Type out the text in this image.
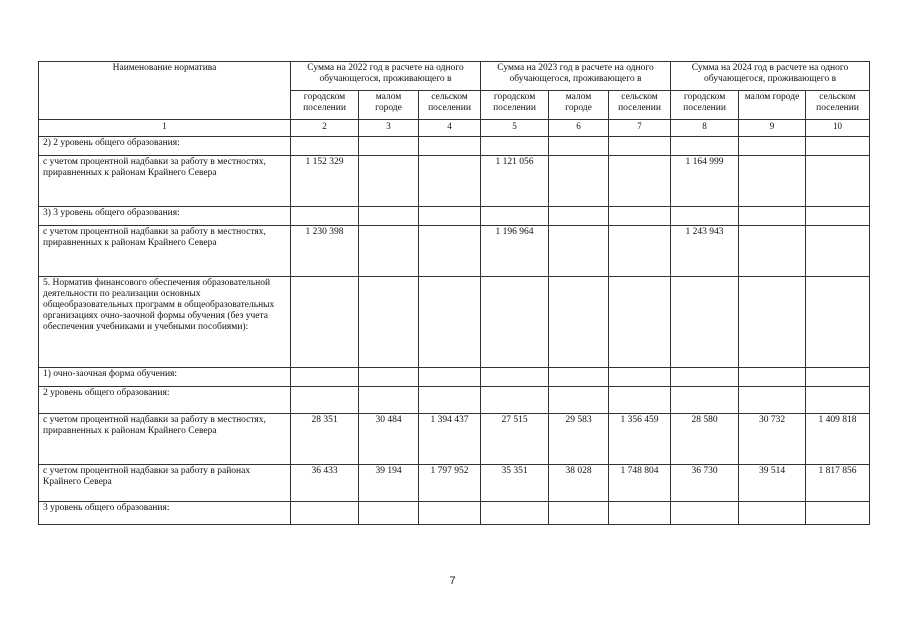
Наименование норматива	Сумма на 2022 год в расчете на одного обучающегося, проживающего в			Сумма на 2023 год в расчете на одного обучающегося, проживающего в			Сумма на 2024 год в расчете на одного обучающегося, проживающего в		
	городском поселении	малом городе	сельском поселении	городском поселении	малом городе	сельском поселении	городском поселении	малом городе	сельском поселении
1	2	3	4	5	6	7	8	9	10
2) 2 уровень общего образования:									
с учетом процентной надбавки за работу в местностях, приравненных к районам Крайнего Севера	1 152 329			1 121 056			1 164 999		
3) 3 уровень общего образования:									
с учетом процентной надбавки за работу в местностях, приравненных к районам Крайнего Севера	1 230 398			1 196 964			1 243 943		
5. Норматив финансового обеспечения образовательной деятельности по реализации основных общеобразовательных программ в общеобразовательных организациях очно-заочной формы обучения (без учета обеспечения учебниками и учебными пособиями):									
1) очно-заочная форма обучения:									
2 уровень общего образования:									
с учетом процентной надбавки за работу в местностях, приравненных к районам Крайнего Севера	28 351	30 484	1 394 437	27 515	29 583	1 356 459	28 580	30 732	1 409 818
с учетом процентной надбавки за работу в районах Крайнего Севера	36 433	39 194	1 797 952	35 351	38 028	1 748 804	36 730	39 514	1 817 856
3 уровень общего образования:									
7
